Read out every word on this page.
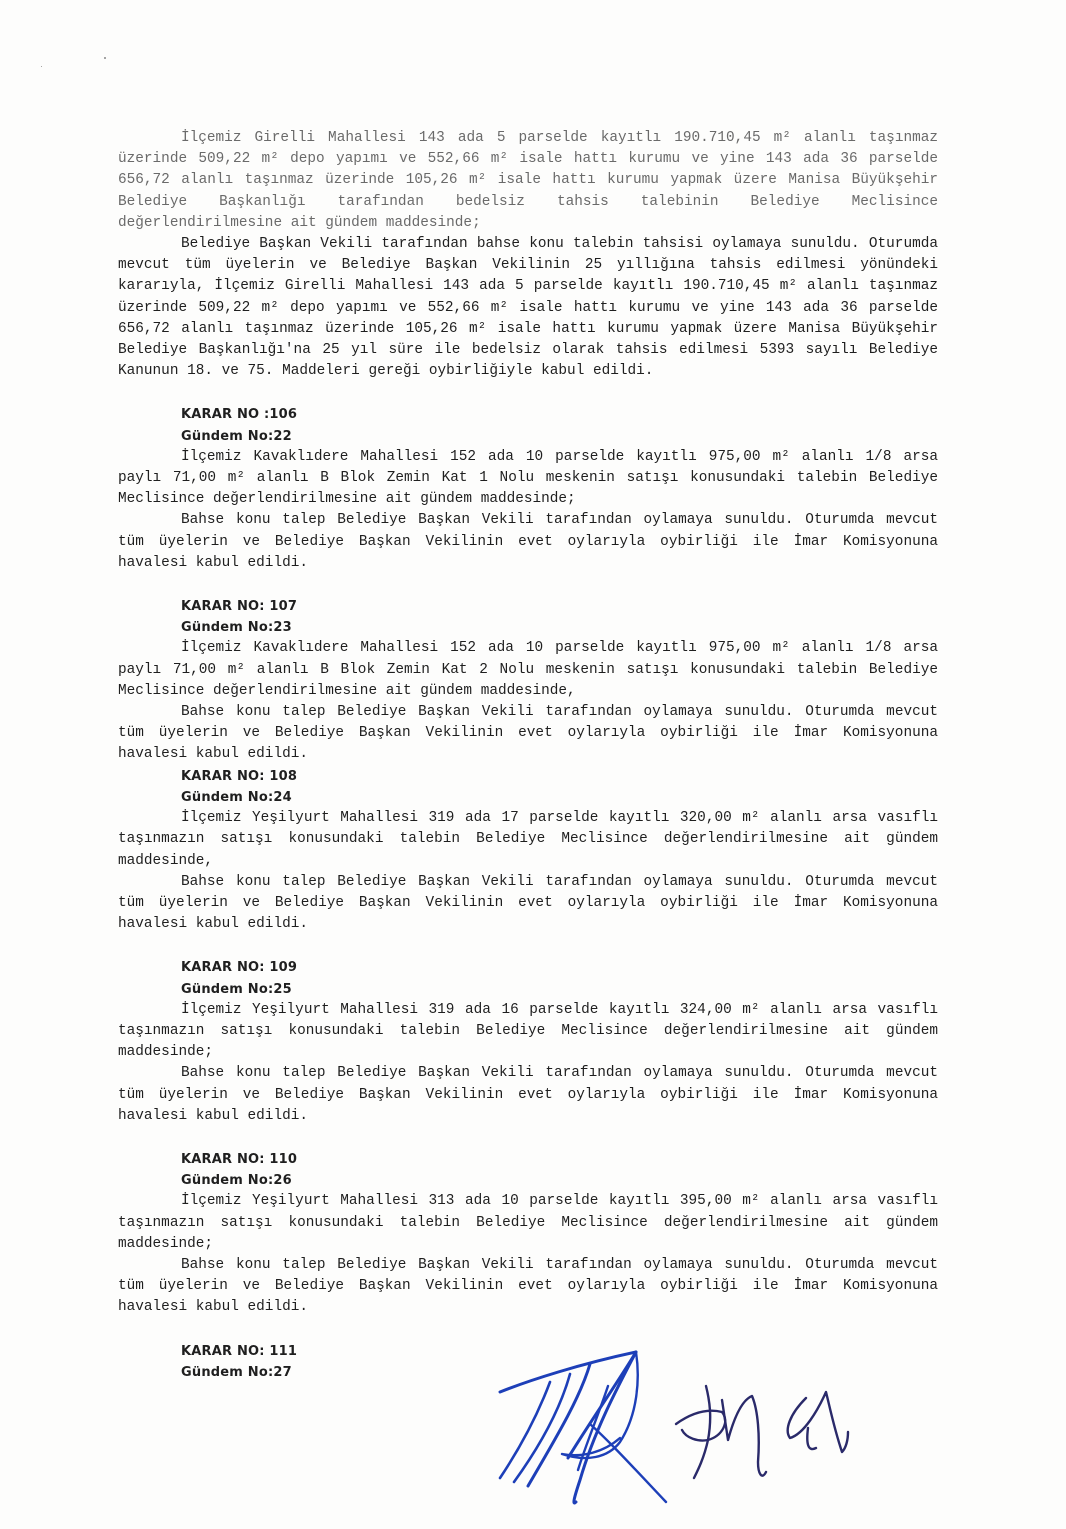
İlçemiz Girelli Mahallesi 143 ada 5 parselde kayıtlı 190.710,45 m² alanlı taşınmaz üzerinde 509,22 m² depo yapımı ve 552,66 m² isale hattı kurumu ve yine 143 ada 36 parselde 656,72 alanlı taşınmaz üzerinde 105,26 m² isale hattı kurumu yapmak üzere Manisa Büyükşehir Belediye Başkanlığı tarafından bedelsiz tahsis talebinin Belediye Meclisince değerlendirilmesine ait gündem maddesinde;

Belediye Başkan Vekili tarafından bahse konu talebin tahsisi oylamaya sunuldu. Oturumda mevcut tüm üyelerin ve Belediye Başkan Vekilinin 25 yıllığına tahsis edilmesi yönündeki kararıyla, İlçemiz Girelli Mahallesi 143 ada 5 parselde kayıtlı 190.710,45 m² alanlı taşınmaz üzerinde 509,22 m² depo yapımı ve 552,66 m² isale hattı kurumu ve yine 143 ada 36 parselde 656,72 alanlı taşınmaz üzerinde 105,26 m² isale hattı kurumu yapmak üzere Manisa Büyükşehir Belediye Başkanlığı'na 25 yıl süre ile bedelsiz olarak tahsis edilmesi 5393 sayılı Belediye Kanunun 18. ve 75. Maddeleri gereği oybirliğiyle kabul edildi.

KARAR NO :106
Gündem No:22

İlçemiz Kavaklıdere Mahallesi 152 ada 10 parselde kayıtlı 975,00 m² alanlı 1/8 arsa paylı 71,00 m² alanlı B Blok Zemin Kat 1 Nolu meskenin satışı konusundaki talebin Belediye Meclisince değerlendirilmesine ait gündem maddesinde;

Bahse konu talep Belediye Başkan Vekili tarafından oylamaya sunuldu. Oturumda mevcut tüm üyelerin ve Belediye Başkan Vekilinin evet oylarıyla oybirliği ile İmar Komisyonuna havalesi kabul edildi.

KARAR NO: 107
Gündem No:23

İlçemiz Kavaklıdere Mahallesi 152 ada 10 parselde kayıtlı 975,00 m² alanlı 1/8 arsa paylı 71,00 m² alanlı B Blok Zemin Kat 2 Nolu meskenin satışı konusundaki talebin Belediye Meclisince değerlendirilmesine ait gündem maddesinde,

Bahse konu talep Belediye Başkan Vekili tarafından oylamaya sunuldu. Oturumda mevcut tüm üyelerin ve Belediye Başkan Vekilinin evet oylarıyla oybirliği ile İmar Komisyonuna havalesi kabul edildi.

KARAR NO: 108
Gündem No:24

İlçemiz Yeşilyurt Mahallesi 319 ada 17 parselde kayıtlı 320,00 m² alanlı arsa vasıflı taşınmazın satışı konusundaki talebin Belediye Meclisince değerlendirilmesine ait gündem maddesinde,

Bahse konu talep Belediye Başkan Vekili tarafından oylamaya sunuldu. Oturumda mevcut tüm üyelerin ve Belediye Başkan Vekilinin evet oylarıyla oybirliği ile İmar Komisyonuna havalesi kabul edildi.

KARAR NO: 109
Gündem No:25

İlçemiz Yeşilyurt Mahallesi 319 ada 16 parselde kayıtlı 324,00 m² alanlı arsa vasıflı taşınmazın satışı konusundaki talebin Belediye Meclisince değerlendirilmesine ait gündem maddesinde;

Bahse konu talep Belediye Başkan Vekili tarafından oylamaya sunuldu. Oturumda mevcut tüm üyelerin ve Belediye Başkan Vekilinin evet oylarıyla oybirliği ile İmar Komisyonuna havalesi kabul edildi.

KARAR NO: 110
Gündem No:26

İlçemiz Yeşilyurt Mahallesi 313 ada 10 parselde kayıtlı 395,00 m² alanlı arsa vasıflı taşınmazın satışı konusundaki talebin Belediye Meclisince değerlendirilmesine ait gündem maddesinde;

Bahse konu talep Belediye Başkan Vekili tarafından oylamaya sunuldu. Oturumda mevcut tüm üyelerin ve Belediye Başkan Vekilinin evet oylarıyla oybirliği ile İmar Komisyonuna havalesi kabul edildi.

KARAR NO: 111
Gündem No:27
